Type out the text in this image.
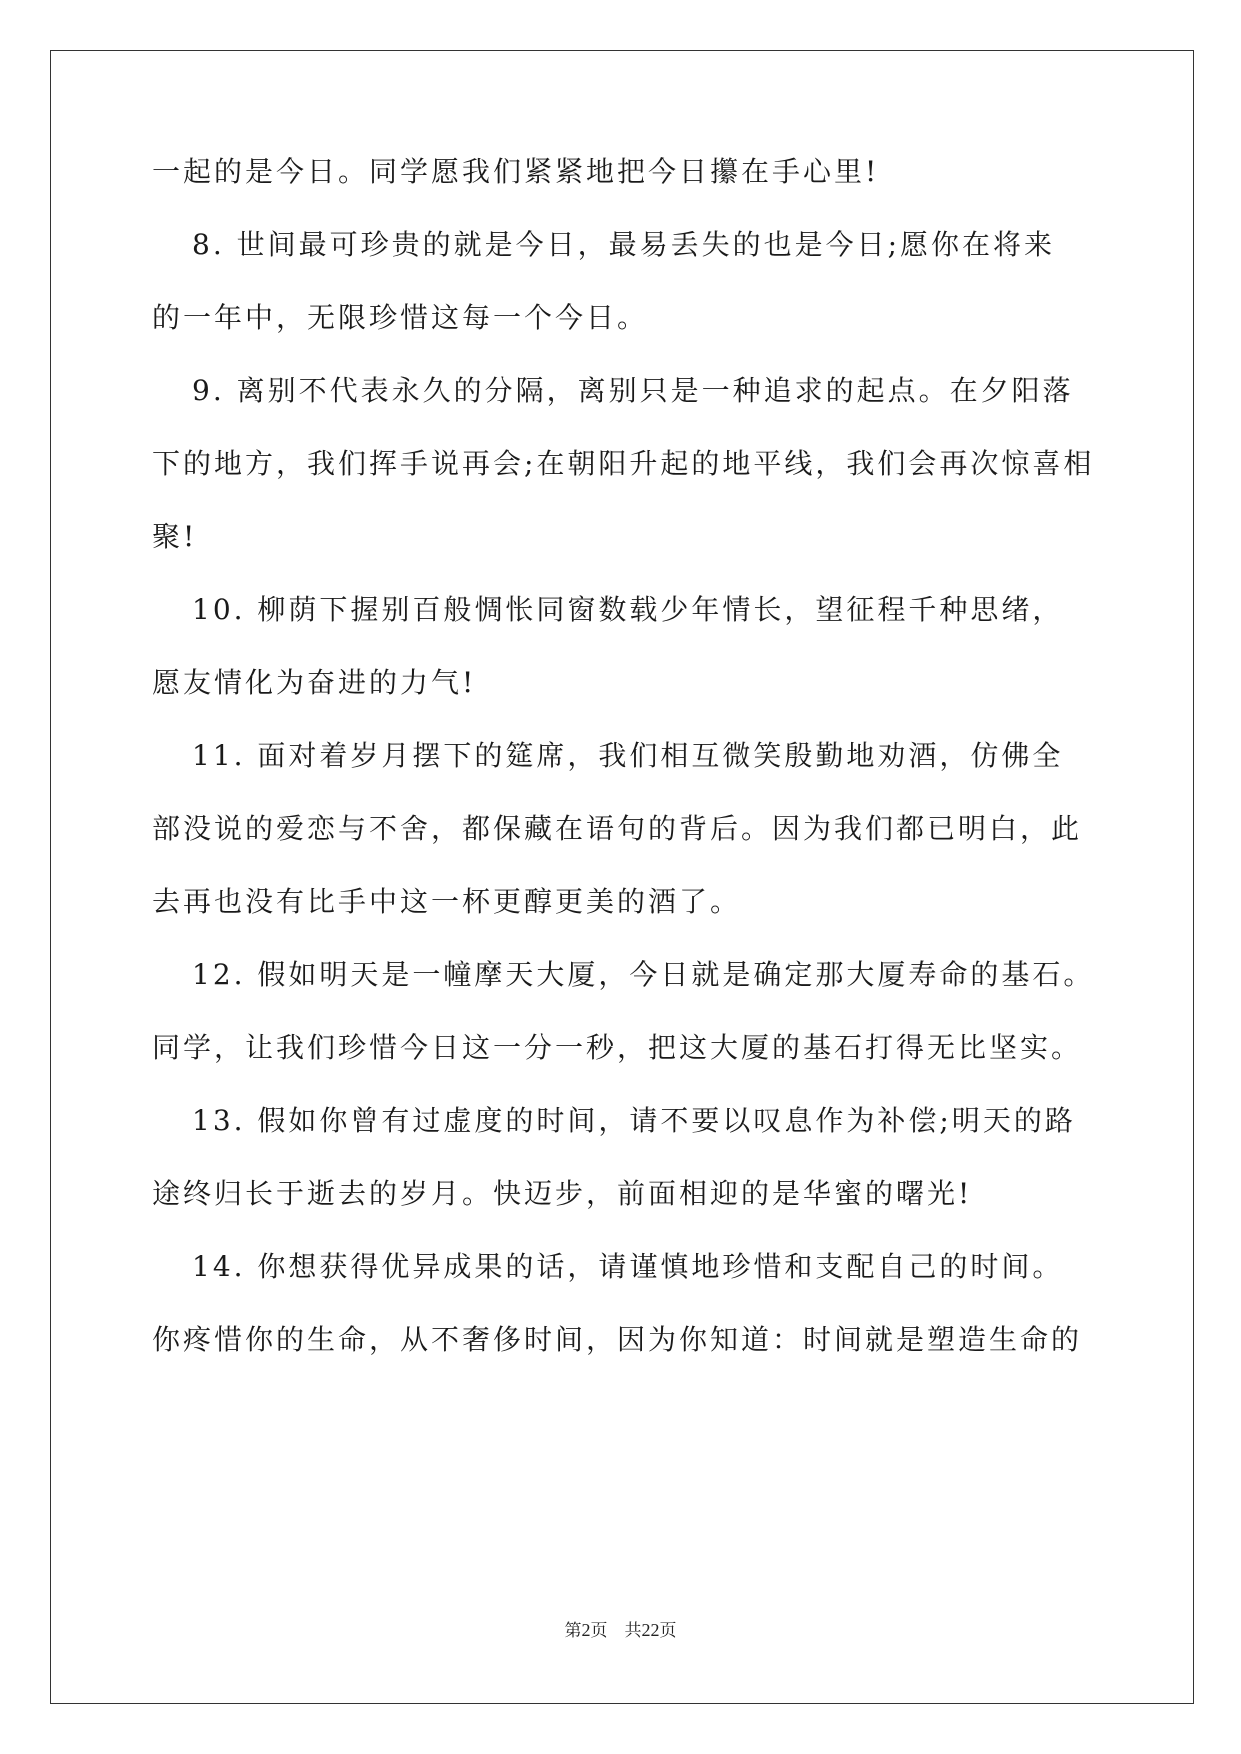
一起的是今日。同学愿我们紧紧地把今日攥在手心里!
8. 世间最可珍贵的就是今日，最易丢失的也是今日;愿你在将来
的一年中，无限珍惜这每一个今日。
9. 离别不代表永久的分隔，离别只是一种追求的起点。在夕阳落
下的地方，我们挥手说再会;在朝阳升起的地平线，我们会再次惊喜相
聚!
10. 柳荫下握别百般惆怅同窗数载少年情长，望征程千种思绪，
愿友情化为奋进的力气!
11. 面对着岁月摆下的筵席，我们相互微笑殷勤地劝酒，仿佛全
部没说的爱恋与不舍，都保藏在语句的背后。因为我们都已明白，此
去再也没有比手中这一杯更醇更美的酒了。
12. 假如明天是一幢摩天大厦，今日就是确定那大厦寿命的基石。
同学，让我们珍惜今日这一分一秒，把这大厦的基石打得无比坚实。
13. 假如你曾有过虚度的时间，请不要以叹息作为补偿;明天的路
途终归长于逝去的岁月。快迈步，前面相迎的是华蜜的曙光!
14. 你想获得优异成果的话，请谨慎地珍惜和支配自己的时间。
你疼惜你的生命，从不奢侈时间，因为你知道：时间就是塑造生命的
第2页　共22页
